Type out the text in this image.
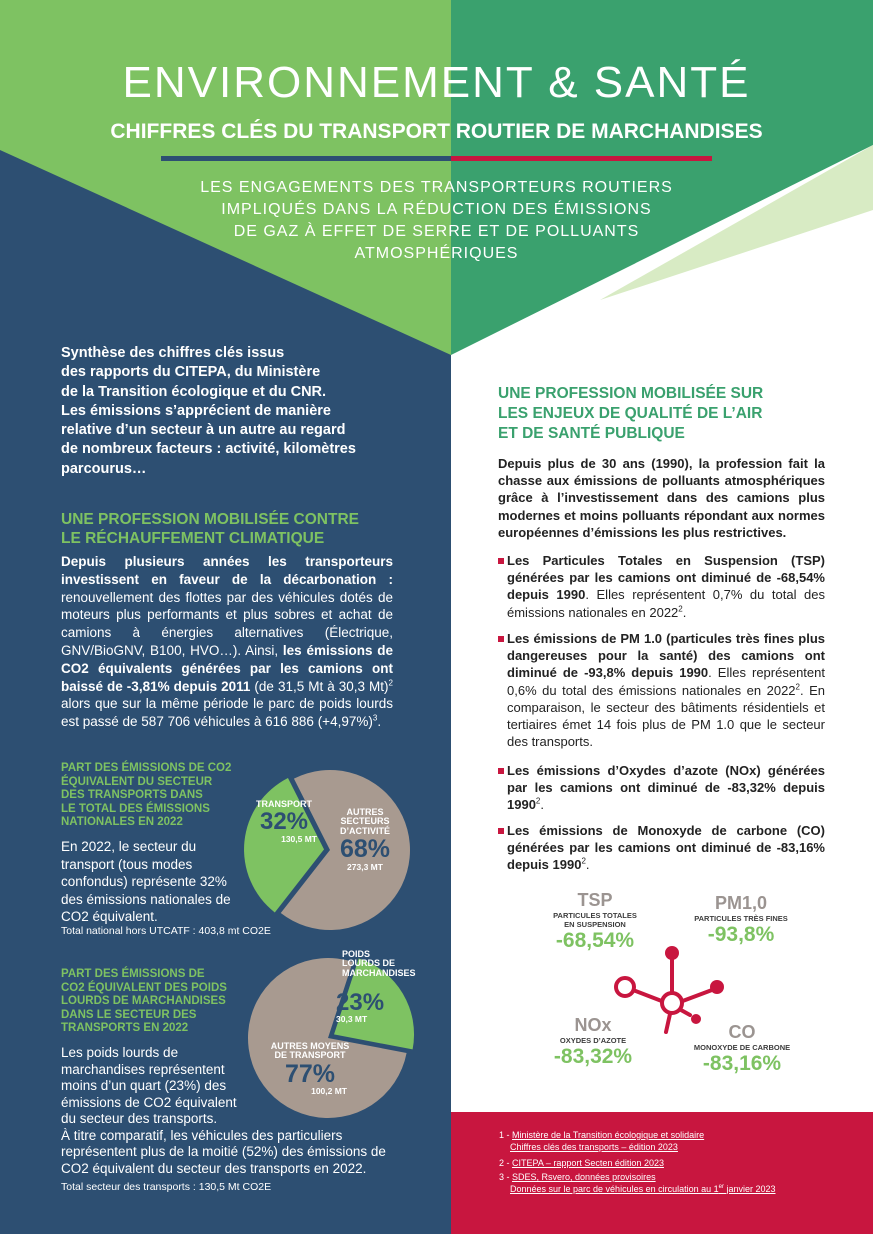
ENVIRONNEMENT & SANTÉ
CHIFFRES CLÉS DU TRANSPORT ROUTIER DE MARCHANDISES
LES ENGAGEMENTS DES TRANSPORTEURS ROUTIERS
IMPLIQUÉS DANS LA RÉDUCTION DES ÉMISSIONS
DE GAZ À EFFET DE SERRE ET DE POLLUANTS
ATMOSPHÉRIQUES
Synthèse des chiffres clés issus
des rapports du CITEPA, du Ministère
de la Transition écologique et du CNR.
Les émissions s’apprécient de manière
relative d’un secteur à un autre au regard
de nombreux facteurs : activité, kilomètres
parcourus…
UNE PROFESSION MOBILISÉE CONTRE
LE RÉCHAUFFEMENT CLIMATIQUE
Depuis plusieurs années les transporteurs investissent en faveur de la décarbonation : renouvellement des flottes par des véhicules dotés de moteurs plus performants et plus sobres et achat de camions à énergies alternatives (Électrique, GNV/BioGNV, B100, HVO…). Ainsi, les émissions de CO2 équivalents générées par les camions ont baissé de -3,81% depuis 2011 (de 31,5 Mt à 30,3 Mt)$^2$ alors que sur la même période le parc de poids lourds est passé de 587 706 véhicules à 616 886 $(+4,97\%)^3$.
PART DES ÉMISSIONS DE CO2
ÉQUIVALENT DU SECTEUR
DES TRANSPORTS DANS
LE TOTAL DES ÉMISSIONS
NATIONALES EN 2022
En 2022, le secteur du
transport (tous modes
confondus) représente 32%
des émissions nationales de
CO2 équivalent.
Total national hors UTCATF : 403,8 mt CO2E
TRANSPORT
32%
130,5 MT
AUTRES
SECTEURS
D’ACTIVITÉ
68%
273,3 MT
PART DES ÉMISSIONS DE
CO2 ÉQUIVALENT DES POIDS
LOURDS DE MARCHANDISES
DANS LE SECTEUR DES
TRANSPORTS EN 2022
Les poids lourds de
marchandises représentent
moins d’un quart (23%) des
émissions de CO2 équivalent
du secteur des transports.
À titre comparatif, les véhicules des particuliers
représentent plus de la moitié (52%) des émissions de
CO2 équivalent du secteur des transports en 2022.
Total secteur des transports : 130,5 Mt CO2E
POIDS
LOURDS DE
MARCHANDISES
23%
30,3 MT
AUTRES MOYENS
DE TRANSPORT
77%
100,2 MT
UNE PROFESSION MOBILISÉE SUR
LES ENJEUX DE QUALITÉ DE L’AIR
ET DE SANTÉ PUBLIQUE
Depuis plus de 30 ans (1990), la profession fait la chasse aux émissions de polluants atmosphériques grâce à l’investissement dans des camions plus modernes et moins polluants répondant aux normes européennes d’émissions les plus restrictives.
Les Particules Totales en Suspension (TSP) générées par les camions ont diminué de -68,54% depuis 1990. Elles représentent 0,7% du total des émissions nationales en 2022$^2$.
Les émissions de PM 1.0 (particules très fines plus dangereuses pour la santé) des camions ont diminué de -93,8% depuis 1990. Elles représentent 0,6% du total des émissions nationales en 2022$^2$. En comparaison, le secteur des bâtiments résidentiels et tertiaires émet 14 fois plus de PM 1.0 que le secteur des transports.
Les émissions d’Oxydes d’azote (NOx) générées par les camions ont diminué de -83,32% depuis 1990$^2$.
Les émissions de Monoxyde de carbone (CO) générées par les camions ont diminué de -83,16% depuis 1990$^2$.
TSP
PARTICULES TOTALES
EN SUSPENSION
-68,54%
PM1,0
PARTICULES TRÈS FINES
-93,8%
NOx
OXYDES D’AZOTE
-83,32%
CO
MONOXYDE DE CARBONE
-83,16%
1 - Ministère de la Transition écologique et solidaire
Chiffres clés des transports – édition 2023
2 - CITEPA – rapport Secten édition 2023
3 - SDES, Rsvero, données provisoires
Données sur le parc de véhicules en circulation au 1er janvier 2023
